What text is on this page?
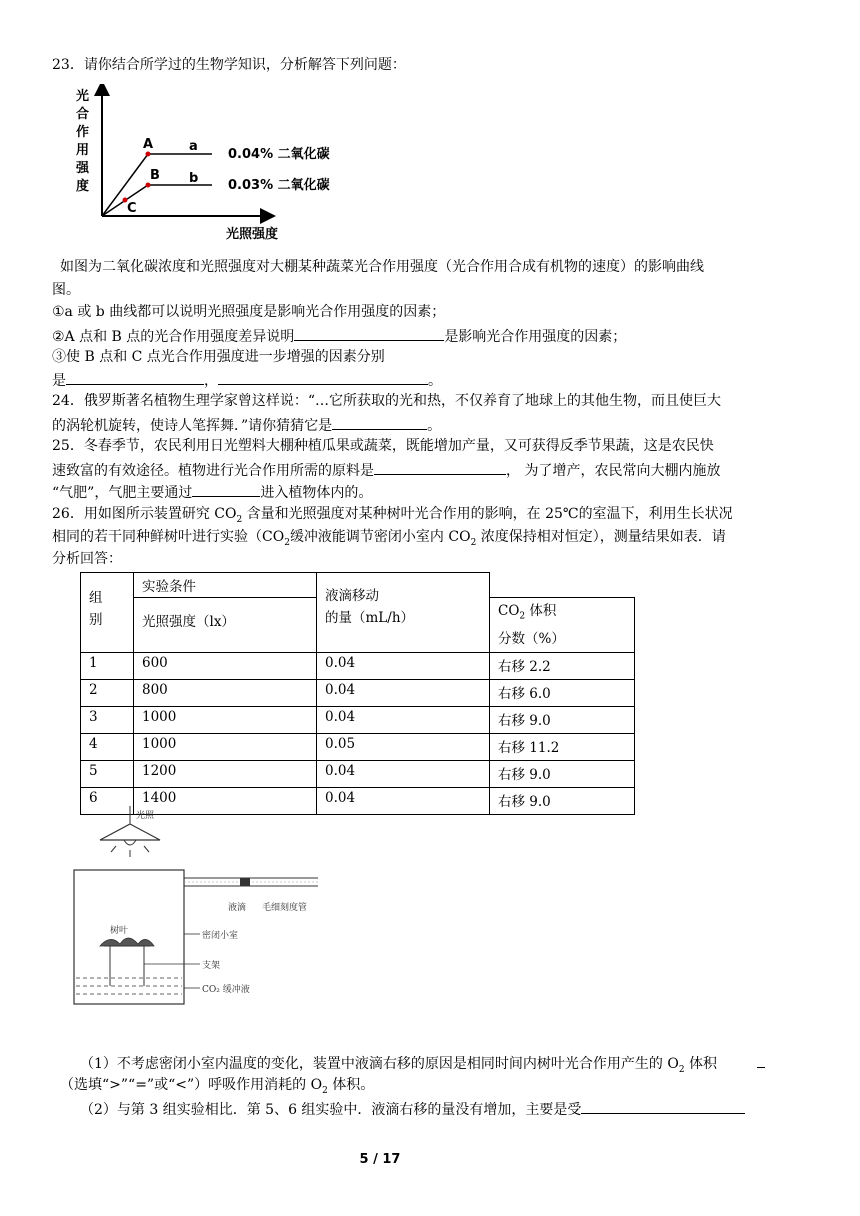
23．请你结合所学过的生物学知识，分析解答下列问题：
光
合
作
用
强
度
A
B
C
a
b
0.04% 二氧化碳
0.03% 二氧化碳
光照强度
如图为二氧化碳浓度和光照强度对大棚某种蔬菜光合作用强度（光合作用合成有机物的速度）的影响曲线
图。
①a 或 b 曲线都可以说明光照强度是影响光合作用强度的因素；
②A 点和 B 点的光合作用强度差异说明	是影响光合作用强度的因素；
③使 B 点和 C 点光合作用强度进一步增强的因素分别
是	，	。
24．俄罗斯著名植物生理学家曾这样说：“…它所获取的光和热，不仅养育了地球上的其他生物，而且使巨大
的涡轮机旋转，使诗人笔挥舞．”请你猜猜它是	。
25．冬春季节，农民利用日光塑料大棚种植瓜果或蔬菜，既能增加产量，又可获得反季节果蔬，这是农民快
速致富的有效途径。植物进行光合作用所需的原料是	， 为了增产，农民常向大棚内施放
“气肥”，气肥主要通过	进入植物体内的。
26．用如图所示装置研究 $CO_2$ 含量和光照强度对某种树叶光合作用的影响，在 25℃的室温下，利用生长状况
相同的若干同种鲜树叶进行实验（$CO_2$缓冲液能调节密闭小室内 $CO_2$ 浓度保持相对恒定），测量结果如表．请
分析回答：
组
别	实验条件	液滴移动
的量（mL/h）	
	光照强度（lx）		$CO_2$ 体积
分数（%）
1	600	0.04	右移 2.2
2	800	0.04	右移 6.0
3	1000	0.04	右移 9.0
4	1000	0.05	右移 11.2
5	1200	0.04	右移 9.0
6	1400	0.04	右移 9.0
光照
液滴 毛细刻度管
树叶	密闭小室
支架
CO₂ 缓冲液
（1）不考虑密闭小室内温度的变化，装置中液滴右移的原因是相同时间内树叶光合作用产生的 $O_2$ 体积
（选填“>”“=”或“<”）呼吸作用消耗的 $O_2$ 体积。
（2）与第 3 组实验相比．第 5、6 组实验中．液滴右移的量没有增加，主要是受
5 / 17
